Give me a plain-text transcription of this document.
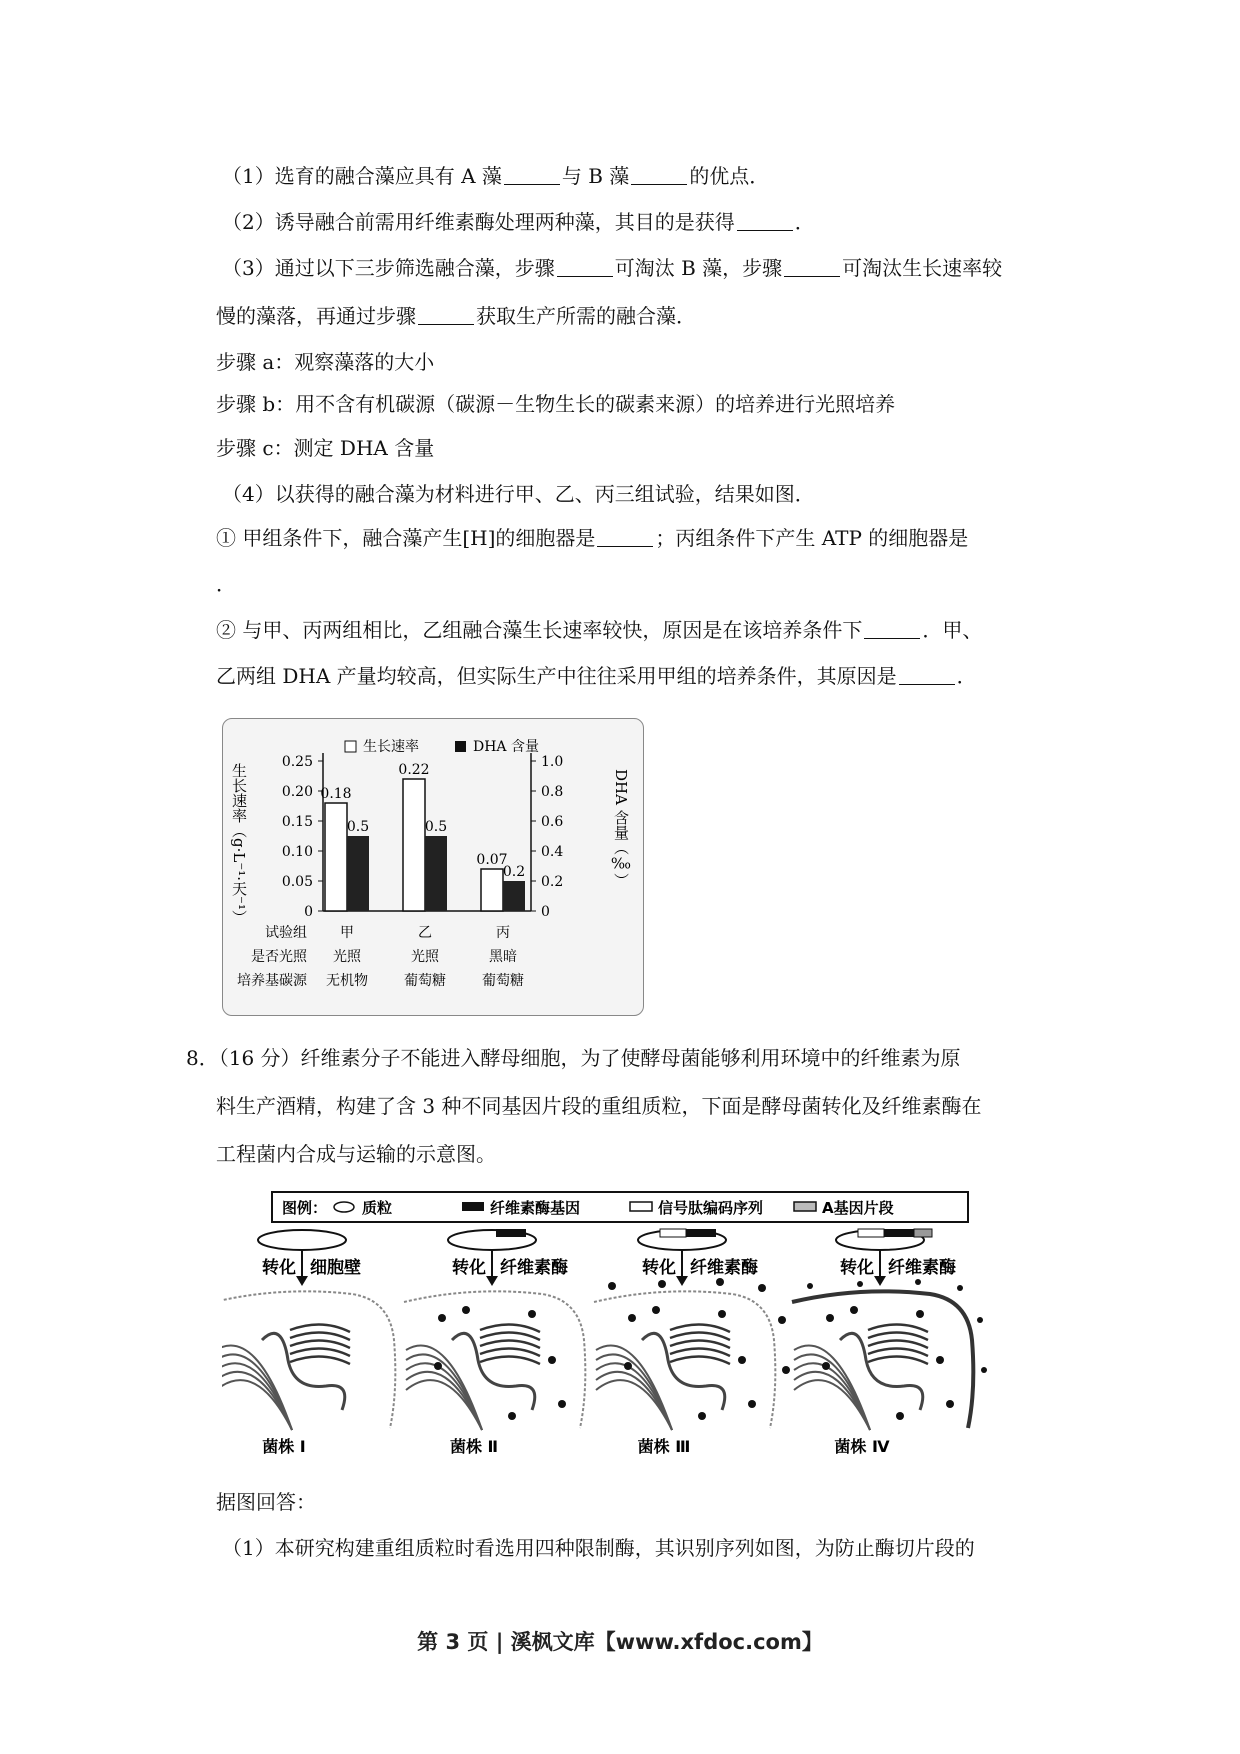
（1）选育的融合藻应具有 A 藻	与 B 藻	的优点．
（2）诱导融合前需用纤维素酶处理两种藻，其目的是获得	．
（3）通过以下三步筛选融合藻，步骤	可淘汰 B 藻，步骤	可淘汰生长速率较
慢的藻落，再通过步骤	获取生产所需的融合藻．
步骤 a：观察藻落的大小
步骤 b：用不含有机碳源（碳源－生物生长的碳素来源）的培养进行光照培养
步骤 c：测定 DHA 含量
（4）以获得的融合藻为材料进行甲、乙、丙三组试验，结果如图．
① 甲组条件下，融合藻产生[H]的细胞器是	；丙组条件下产生 ATP 的细胞器是
．
② 与甲、丙两组相比，乙组融合藻生长速率较快，原因是在该培养条件下	．甲、
乙两组 DHA 产量均较高，但实际生产中往往采用甲组的培养条件，其原因是	．
0
0.05
0.10
0.15
0.20
0.25
0
0.2
0.4
0.6
0.8
1.0
生长速率（g·L⁻¹·天⁻¹）	DHA 含量（‰）
生长速率	DHA 含量
0.18
0.5
0.22
0.5
0.07
0.2
试验组
是否光照
培养基碳源
甲
光照
无机物
乙
光照
葡萄糖
丙
黑暗
葡萄糖
8．（16 分）纤维素分子不能进入酵母细胞，为了使酵母菌能够利用环境中的纤维素为原
料生产酒精，构建了含 3 种不同基因片段的重组质粒，下面是酵母菌转化及纤维素酶在
工程菌内合成与运输的示意图。
图例： 质粒	纤维素酶基因	信号肽编码序列	A基因片段
转化 细胞壁
菌株 Ⅰ
转化 纤维素酶
菌株 Ⅱ
转化 纤维素酶
菌株 Ⅲ
转化 纤维素酶
菌株 Ⅳ
据图回答：
（1）本研究构建重组质粒时看选用四种限制酶，其识别序列如图，为防止酶切片段的
第 3 页 | 溪枫文库【www.xfdoc.com】
